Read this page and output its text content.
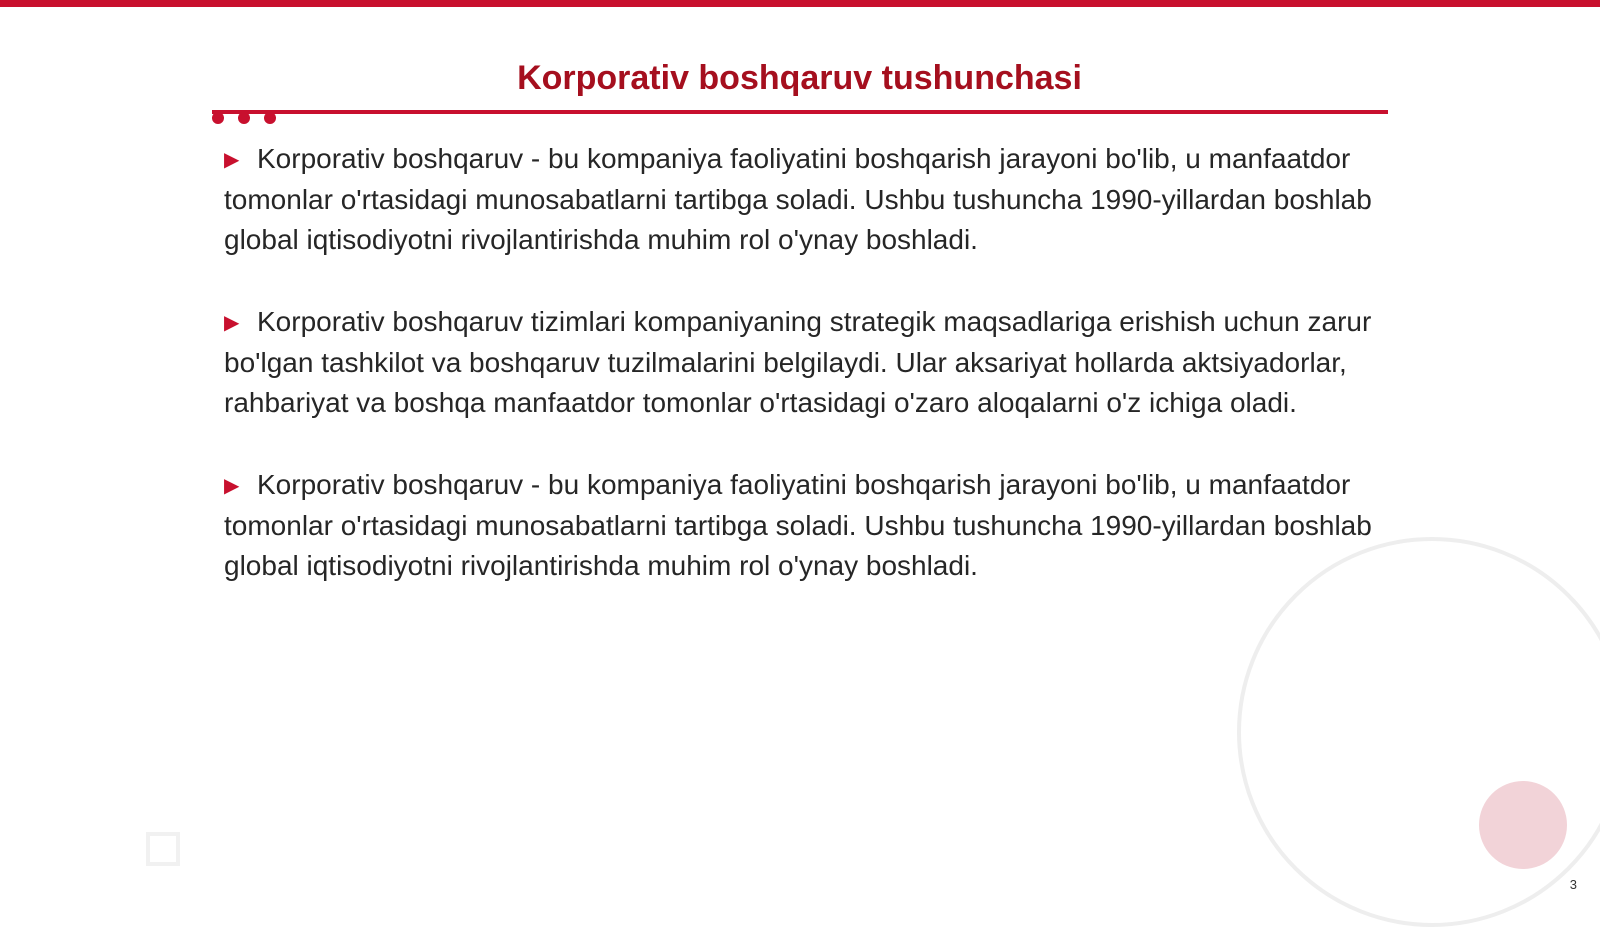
Korporativ boshqaruv tushunchasi

▶ Korporativ boshqaruv - bu kompaniya faoliyatini boshqarish jarayoni bo'lib, u manfaatdor tomonlar o'rtasidagi munosabatlarni tartibga soladi. Ushbu tushuncha 1990-yillardan boshlab global iqtisodiyotni rivojlantirishda muhim rol o'ynay boshladi.

▶ Korporativ boshqaruv tizimlari kompaniyaning strategik maqsadlariga erishish uchun zarur bo'lgan tashkilot va boshqaruv tuzilmalarini belgilaydi. Ular aksariyat hollarda aktsiyadorlar, rahbariyat va boshqa manfaatdor tomonlar o'rtasidagi o'zaro aloqalarni o'z ichiga oladi.

▶ Korporativ boshqaruv - bu kompaniya faoliyatini boshqarish jarayoni bo'lib, u manfaatdor tomonlar o'rtasidagi munosabatlarni tartibga soladi. Ushbu tushuncha 1990-yillardan boshlab global iqtisodiyotni rivojlantirishda muhim rol o'ynay boshladi.

3
